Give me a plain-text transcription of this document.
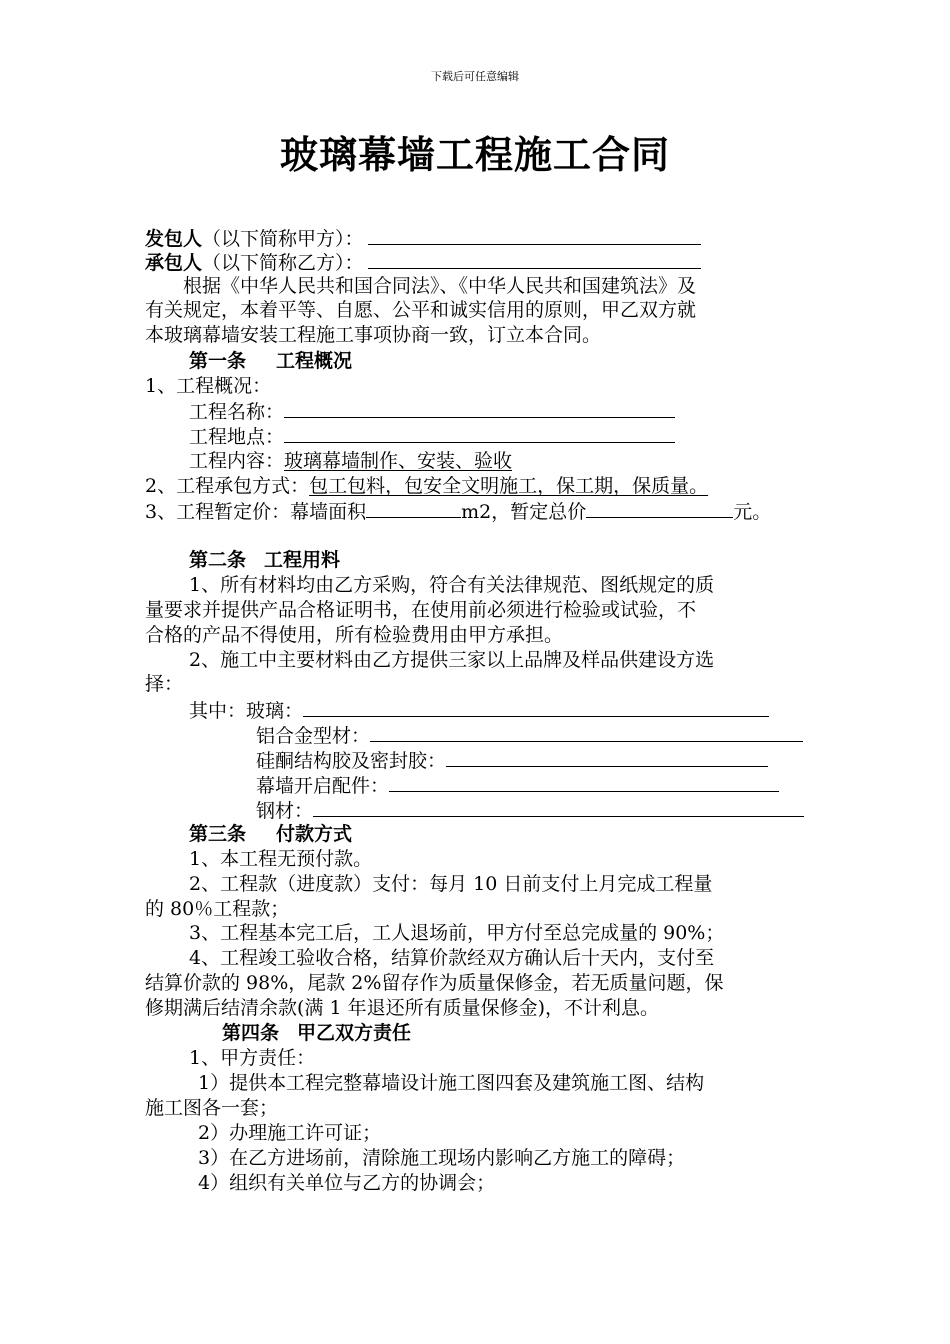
下载后可任意编辑
玻璃幕墙工程施工合同
发包人（以下简称甲方）：
承包人（以下简称乙方）：
根据《中华人民共和国合同法》、《中华人民共和国建筑法》及
有关规定，本着平等、自愿、公平和诚实信用的原则，甲乙双方就
本玻璃幕墙安装工程施工事项协商一致，订立本合同。
第一条 工程概况
1、工程概况：
工程名称：
工程地点：
工程内容：玻璃幕墙制作、安装、验收
2、工程承包方式：包工包料，包安全文明施工，保工期，保质量。
3、工程暂定价：幕墙面积	m2，暂定总价	元。
第二条 工程用料
1、所有材料均由乙方采购，符合有关法律规范、图纸规定的质
量要求并提供产品合格证明书，在使用前必须进行检验或试验，不
合格的产品不得使用，所有检验费用由甲方承担。
2、施工中主要材料由乙方提供三家以上品牌及样品供建设方选
择：
其中：玻璃：
铝合金型材：
硅酮结构胶及密封胶：
幕墙开启配件：
钢材：
第三条 付款方式
1、本工程无预付款。
2、工程款（进度款）支付：每月 10 日前支付上月完成工程量
的 80％工程款；
3、工程基本完工后，工人退场前，甲方付至总完成量的 90%；
4、工程竣工验收合格，结算价款经双方确认后十天内，支付至
结算价款的 98%，尾款 2%留存作为质量保修金，若无质量问题，保
修期满后结清余款(满 1 年退还所有质量保修金)，不计利息。
第四条 甲乙双方责任
1、甲方责任：
1）提供本工程完整幕墙设计施工图四套及建筑施工图、结构
施工图各一套；
2）办理施工许可证；
3）在乙方进场前，清除施工现场内影响乙方施工的障碍；
4）组织有关单位与乙方的协调会；
